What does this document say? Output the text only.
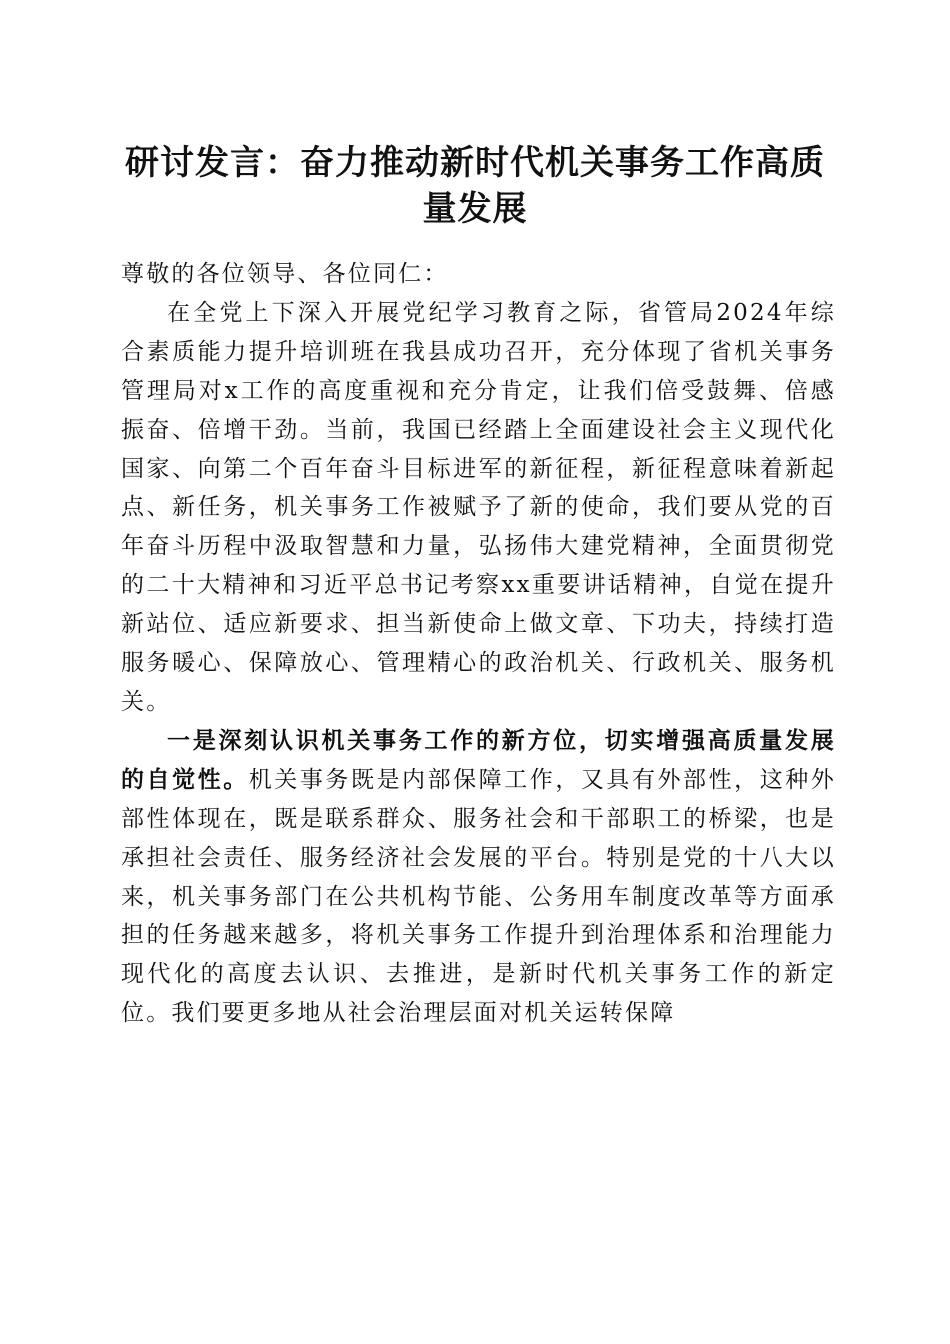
研讨发言：奋力推动新时代机关事务工作高质
量发展

尊敬的各位领导、各位同仁：

在全党上下深入开展党纪学习教育之际，省管局2024年综合素质能力提升培训班在我县成功召开，充分体现了省机关事务管理局对x工作的高度重视和充分肯定，让我们倍受鼓舞、倍感振奋、倍增干劲。当前，我国已经踏上全面建设社会主义现代化国家、向第二个百年奋斗目标进军的新征程，新征程意味着新起点、新任务，机关事务工作被赋予了新的使命，我们要从党的百年奋斗历程中汲取智慧和力量，弘扬伟大建党精神，全面贯彻党的二十大精神和习近平总书记考察xx重要讲话精神，自觉在提升新站位、适应新要求、担当新使命上做文章、下功夫，持续打造服务暖心、保障放心、管理精心的政治机关、行政机关、服务机关。

一是深刻认识机关事务工作的新方位，切实增强高质量发展的自觉性。机关事务既是内部保障工作，又具有外部性，这种外部性体现在，既是联系群众、服务社会和干部职工的桥梁，也是承担社会责任、服务经济社会发展的平台。特别是党的十八大以来，机关事务部门在公共机构节能、公务用车制度改革等方面承担的任务越来越多，将机关事务工作提升到治理体系和治理能力现代化的高度去认识、去推进，是新时代机关事务工作的新定位。我们要更多地从社会治理层面对机关运转保障
